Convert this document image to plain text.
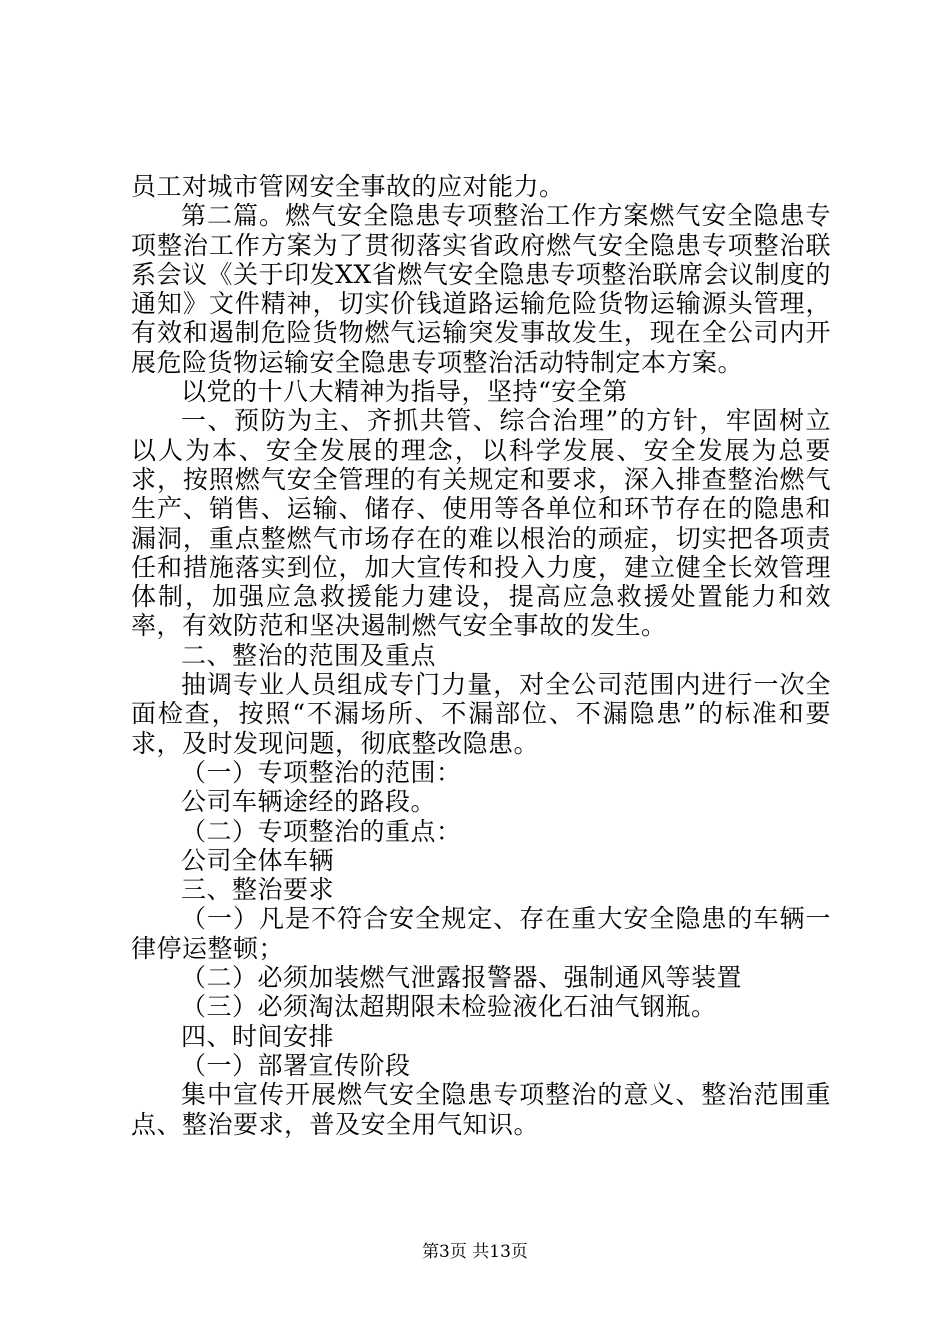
员工对城市管网安全事故的应对能力。

第二篇。燃气安全隐患专项整治工作方案燃气安全隐患专项整治工作方案为了贯彻落实省政府燃气安全隐患专项整治联系会议《关于印发XX省燃气安全隐患专项整治联席会议制度的通知》文件精神，切实价钱道路运输危险货物运输源头管理，有效和遏制危险货物燃气运输突发事故发生，现在全公司内开展危险货物运输安全隐患专项整治活动特制定本方案。

以党的十八大精神为指导，坚持“安全第

一、预防为主、齐抓共管、综合治理”的方针，牢固树立以人为本、安全发展的理念，以科学发展、安全发展为总要求，按照燃气安全管理的有关规定和要求，深入排查整治燃气生产、销售、运输、储存、使用等各单位和环节存在的隐患和漏洞，重点整燃气市场存在的难以根治的顽症，切实把各项责任和措施落实到位，加大宣传和投入力度，建立健全长效管理体制，加强应急救援能力建设，提高应急救援处置能力和效率，有效防范和坚决遏制燃气安全事故的发生。

二、整治的范围及重点

抽调专业人员组成专门力量，对全公司范围内进行一次全面检查，按照“不漏场所、不漏部位、不漏隐患”的标准和要求，及时发现问题，彻底整改隐患。

（一）专项整治的范围：

公司车辆途经的路段。

（二）专项整治的重点：

公司全体车辆

三、整治要求

（一）凡是不符合安全规定、存在重大安全隐患的车辆一律停运整顿；

（二）必须加装燃气泄露报警器、强制通风等装置

（三）必须淘汰超期限未检验液化石油气钢瓶。

四、时间安排

（一）部署宣传阶段

集中宣传开展燃气安全隐患专项整治的意义、整治范围重点、整治要求，普及安全用气知识。

第3页 共13页
